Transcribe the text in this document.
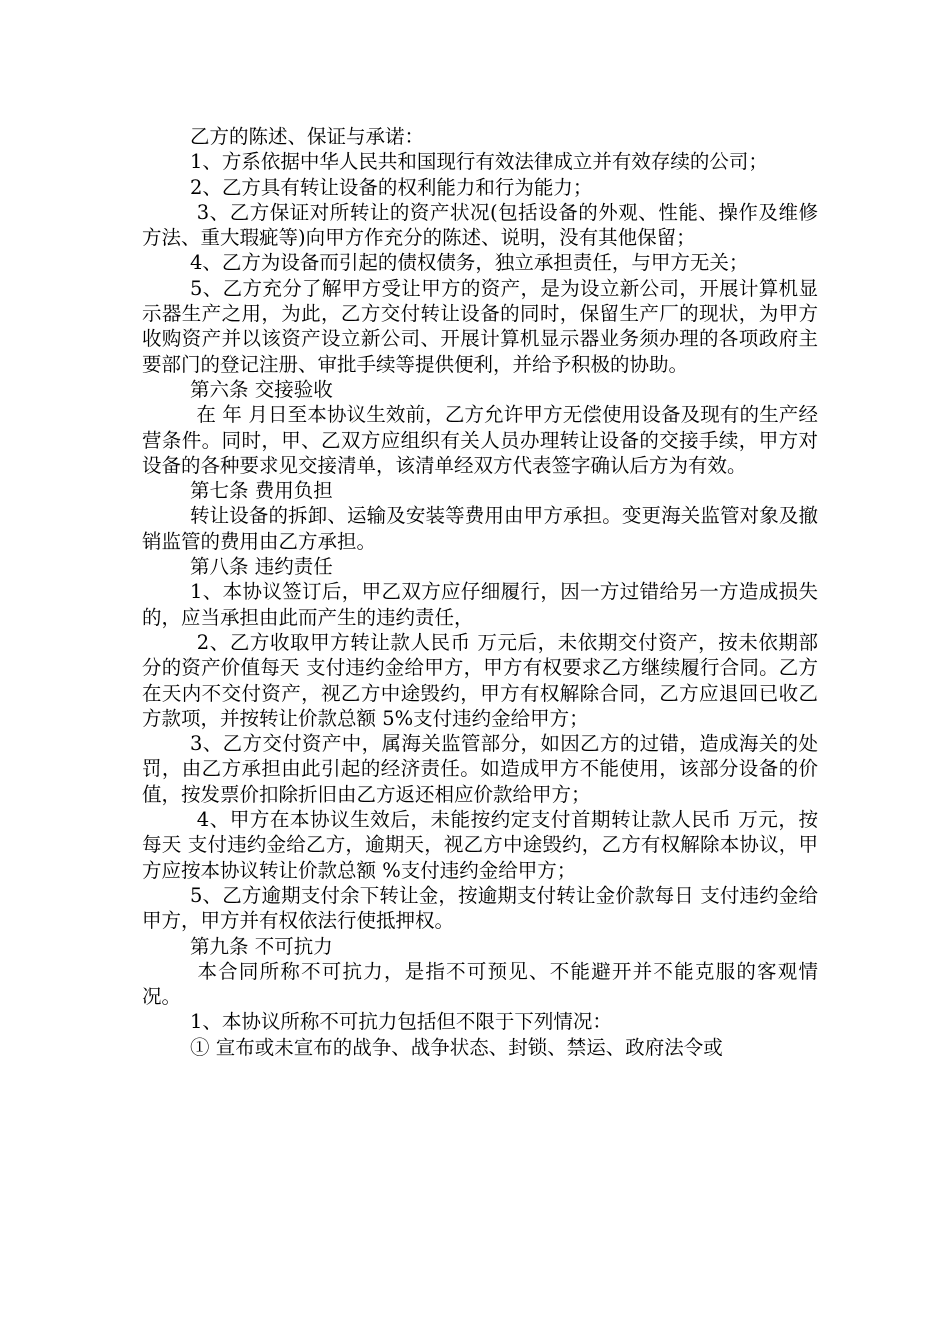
乙方的陈述、保证与承诺：

1、方系依据中华人民共和国现行有效法律成立并有效存续的公司；

2、乙方具有转让设备的权利能力和行为能力；

3、乙方保证对所转让的资产状况(包括设备的外观、性能、操作及维修方法、重大瑕疵等)向甲方作充分的陈述、说明，没有其他保留；

4、乙方为设备而引起的债权债务，独立承担责任，与甲方无关；

5、乙方充分了解甲方受让甲方的资产，是为设立新公司，开展计算机显示器生产之用，为此，乙方交付转让设备的同时，保留生产厂的现状，为甲方收购资产并以该资产设立新公司、开展计算机显示器业务须办理的各项政府主要部门的登记注册、审批手续等提供便利，并给予积极的协助。

第六条 交接验收

在 年 月日至本协议生效前，乙方允许甲方无偿使用设备及现有的生产经营条件。同时，甲、乙双方应组织有关人员办理转让设备的交接手续，甲方对设备的各种要求见交接清单，该清单经双方代表签字确认后方为有效。

第七条 费用负担

转让设备的拆卸、运输及安装等费用由甲方承担。变更海关监管对象及撤销监管的费用由乙方承担。

第八条 违约责任

1、本协议签订后，甲乙双方应仔细履行，因一方过错给另一方造成损失的，应当承担由此而产生的违约责任，

2、乙方收取甲方转让款人民币 万元后，未依期交付资产，按未依期部分的资产价值每天 支付违约金给甲方，甲方有权要求乙方继续履行合同。乙方在天内不交付资产，视乙方中途毁约，甲方有权解除合同，乙方应退回已收乙方款项，并按转让价款总额 5%支付违约金给甲方；

3、乙方交付资产中，属海关监管部分，如因乙方的过错，造成海关的处罚，由乙方承担由此引起的经济责任。如造成甲方不能使用，该部分设备的价值，按发票价扣除折旧由乙方返还相应价款给甲方；

4、甲方在本协议生效后，未能按约定支付首期转让款人民币 万元，按每天 支付违约金给乙方，逾期天，视乙方中途毁约，乙方有权解除本协议，甲方应按本协议转让价款总额 %支付违约金给甲方；

5、乙方逾期支付余下转让金，按逾期支付转让金价款每日 支付违约金给甲方，甲方并有权依法行使抵押权。

第九条 不可抗力

本合同所称不可抗力，是指不可预见、不能避开并不能克服的客观情况。

1、本协议所称不可抗力包括但不限于下列情况：

① 宣布或未宣布的战争、战争状态、封锁、禁运、政府法令或
